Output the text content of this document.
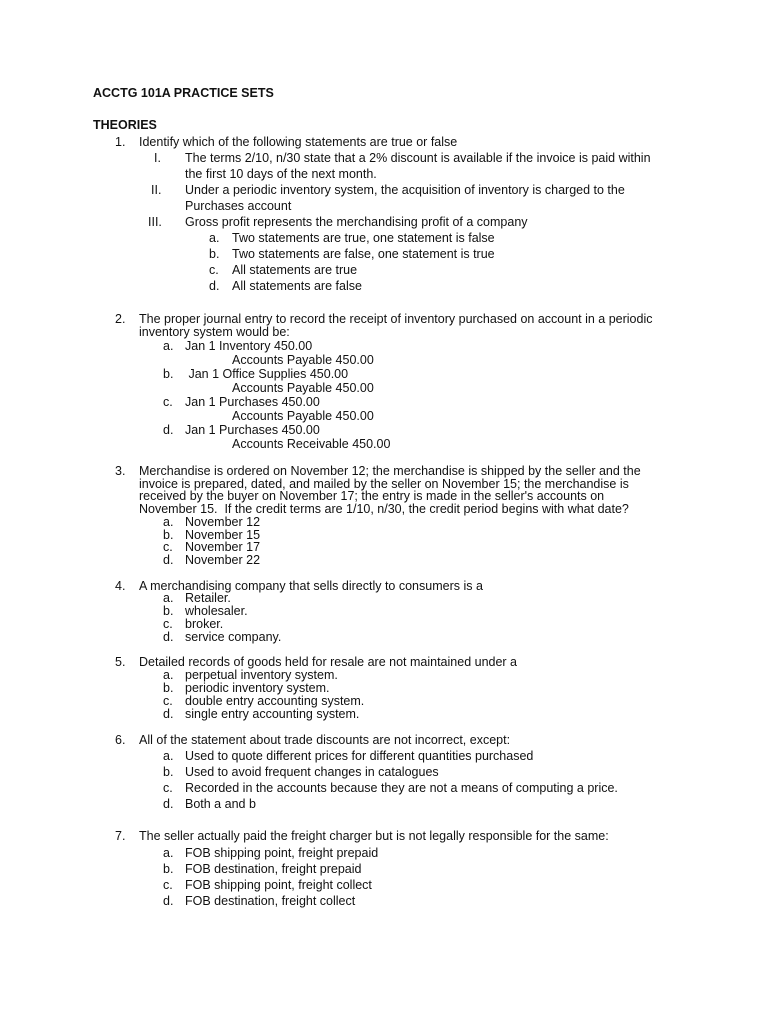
ACCTG 101A PRACTICE SETS
THEORIES
1. Identify which of the following statements are true or false
I. The terms 2/10, n/30 state that a 2% discount is available if the invoice is paid within
the first 10 days of the next month.
II. Under a periodic inventory system, the acquisition of inventory is charged to the
Purchases account
III. Gross profit represents the merchandising profit of a company
a. Two statements are true, one statement is false
b. Two statements are false, one statement is true
c. All statements are true
d. All statements are false
2. The proper journal entry to record the receipt of inventory purchased on account in a periodic
inventory system would be:
a. Jan 1 Inventory 450.00
Accounts Payable 450.00
b. Jan 1 Office Supplies 450.00
Accounts Payable 450.00
c. Jan 1 Purchases 450.00
Accounts Payable 450.00
d. Jan 1 Purchases 450.00
Accounts Receivable 450.00
3. Merchandise is ordered on November 12; the merchandise is shipped by the seller and the
invoice is prepared, dated, and mailed by the seller on November 15; the merchandise is
received by the buyer on November 17; the entry is made in the seller's accounts on
November 15.  If the credit terms are 1/10, n/30, the credit period begins with what date?
a. November 12
b. November 15
c. November 17
d. November 22
4. A merchandising company that sells directly to consumers is a
a. Retailer.
b. wholesaler.
c. broker.
d. service company.
5. Detailed records of goods held for resale are not maintained under a
a. perpetual inventory system.
b. periodic inventory system.
c. double entry accounting system.
d. single entry accounting system.
6. All of the statement about trade discounts are not incorrect, except:
a. Used to quote different prices for different quantities purchased
b. Used to avoid frequent changes in catalogues
c. Recorded in the accounts because they are not a means of computing a price.
d. Both a and b
7. The seller actually paid the freight charger but is not legally responsible for the same:
a. FOB shipping point, freight prepaid
b. FOB destination, freight prepaid
c. FOB shipping point, freight collect
d. FOB destination, freight collect
